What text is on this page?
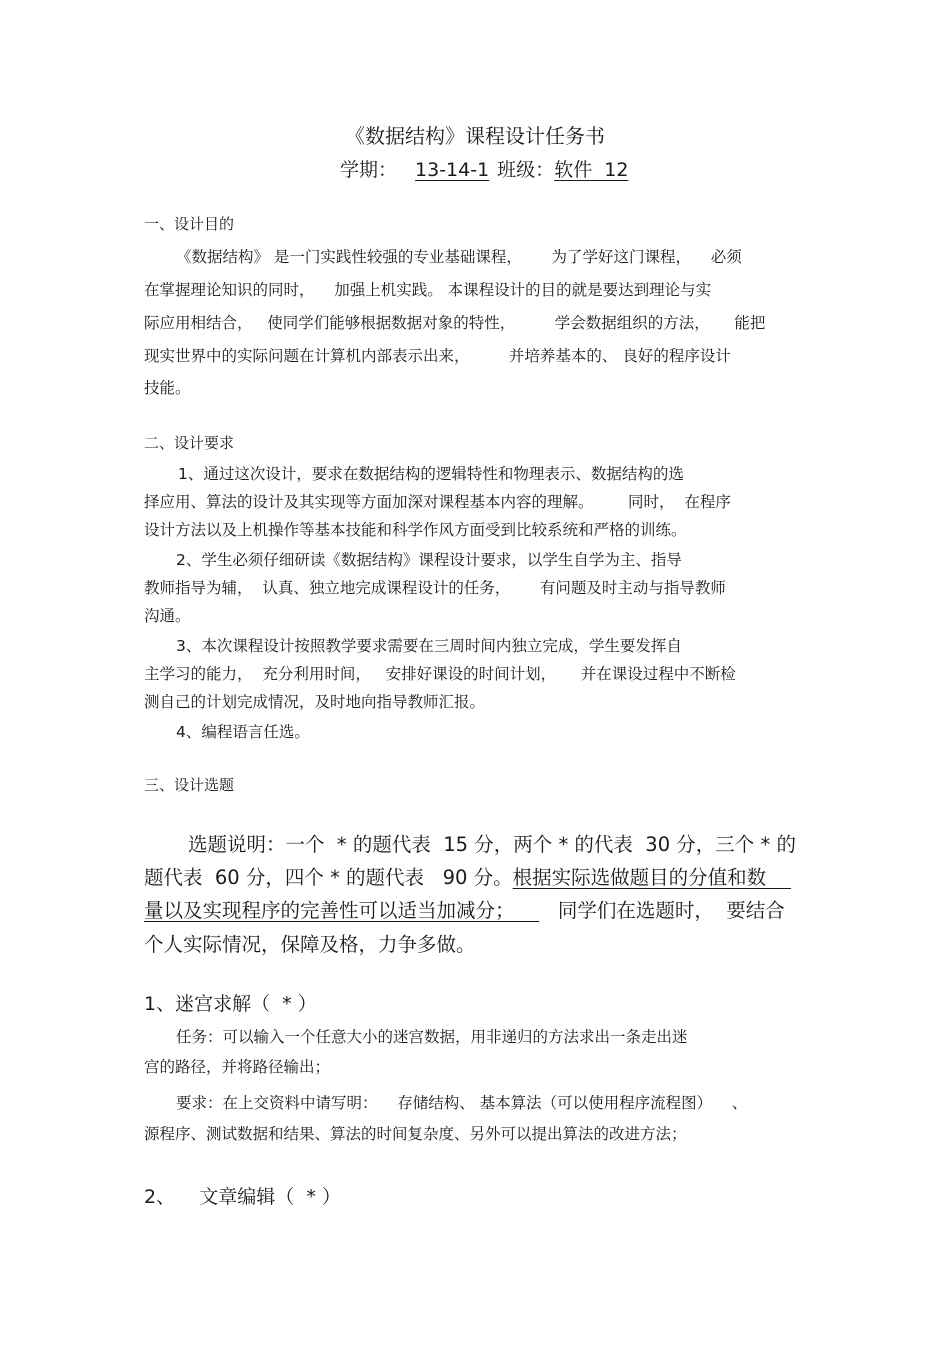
《数据结构》课程设计任务书
学期： 13-14-1 班级：软件  12
一、设计目的
《数据结构》 是一门实践性较强的专业基础课程，      为了学好这门课程，    必须
在掌握理论知识的同时，    加强上机实践。 本课程设计的目的就是要达到理论与实
际应用相结合，   使同学们能够根据数据对象的特性，        学会数据组织的方法，     能把
现实世界中的实际问题在计算机内部表示出来，        并培养基本的、 良好的程序设计
技能。
二、设计要求
1、通过这次设计，要求在数据结构的逻辑特性和物理表示、数据结构的选
择应用、算法的设计及其实现等方面加深对课程基本内容的理解。       同时，  在程序
设计方法以及上机操作等基本技能和科学作风方面受到比较系统和严格的训练。
2、学生必须仔细研读《数据结构》课程设计要求，以学生自学为主、指导
教师指导为辅，  认真、独立地完成课程设计的任务，      有问题及时主动与指导教师
沟通。
3、本次课程设计按照教学要求需要在三周时间内独立完成，学生要发挥自
主学习的能力，  充分利用时间，   安排好课设的时间计划，     并在课设过程中不断检
测自己的计划完成情况，及时地向指导教师汇报。
4、编程语言任选。
三、设计选题
选题说明：一个  * 的题代表  15 分，两个 * 的代表  30 分，三个 * 的
题代表  60 分，四个 * 的题代表   90 分。根据实际选做题目的分值和数
量以及实现程序的完善性可以适当加减分；       同学们在选题时，  要结合
个人实际情况，保障及格，力争多做。
1、迷宫求解（  * ）
任务：可以输入一个任意大小的迷宫数据，用非递归的方法求出一条走出迷
宫的路径，并将路径输出；
要求：在上交资料中请写明：    存储结构、 基本算法（可以使用程序流程图）    、
源程序、测试数据和结果、算法的时间复杂度、另外可以提出算法的改进方法；
2、    文章编辑（  * ）
